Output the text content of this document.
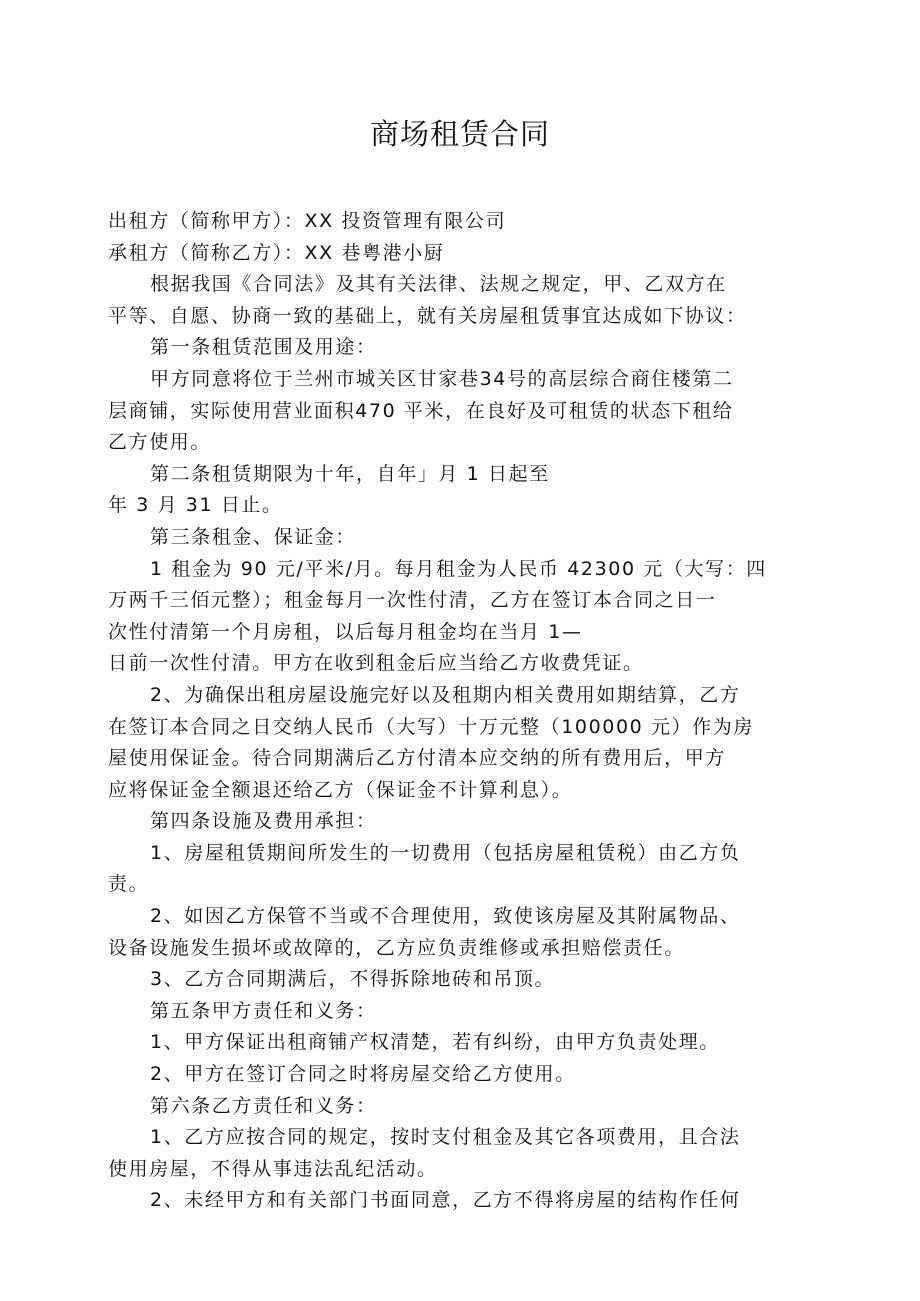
商场租赁合同
出租方（简称甲方）：XX 投资管理有限公司
承租方（简称乙方）：XX 巷粤港小厨
根据我国《合同法》及其有关法律、法规之规定，甲、乙双方在
平等、自愿、协商一致的基础上，就有关房屋租赁事宜达成如下协议：
第一条租赁范围及用途：
甲方同意将位于兰州市城关区甘家巷34号的高层综合商住楼第二
层商铺，实际使用营业面积470 平米，在良好及可租赁的状态下租给
乙方使用。
第二条租赁期限为十年，自年」月 1 日起至
年 3 月 31 日止。
第三条租金、保证金：
1 租金为 90 元/平米/月。每月租金为人民币 42300 元（大写：四
万两千三佰元整）；租金每月一次性付清，乙方在签订本合同之日一
次性付清第一个月房租，以后每月租金均在当月 1—
日前一次性付清。甲方在收到租金后应当给乙方收费凭证。
2、为确保出租房屋设施完好以及租期内相关费用如期结算，乙方
在签订本合同之日交纳人民币（大写）十万元整（100000 元）作为房
屋使用保证金。待合同期满后乙方付清本应交纳的所有费用后，甲方
应将保证金全额退还给乙方（保证金不计算利息）。
第四条设施及费用承担：
1、房屋租赁期间所发生的一切费用（包括房屋租赁税）由乙方负
责。
2、如因乙方保管不当或不合理使用，致使该房屋及其附属物品、
设备设施发生损坏或故障的，乙方应负责维修或承担赔偿责任。
3、乙方合同期满后，不得拆除地砖和吊顶。
第五条甲方责任和义务：
1、甲方保证出租商铺产权清楚，若有纠纷，由甲方负责处理。
2、甲方在签订合同之时将房屋交给乙方使用。
第六条乙方责任和义务：
1、乙方应按合同的规定，按时支付租金及其它各项费用，且合法
使用房屋，不得从事违法乱纪活动。
2、未经甲方和有关部门书面同意，乙方不得将房屋的结构作任何
